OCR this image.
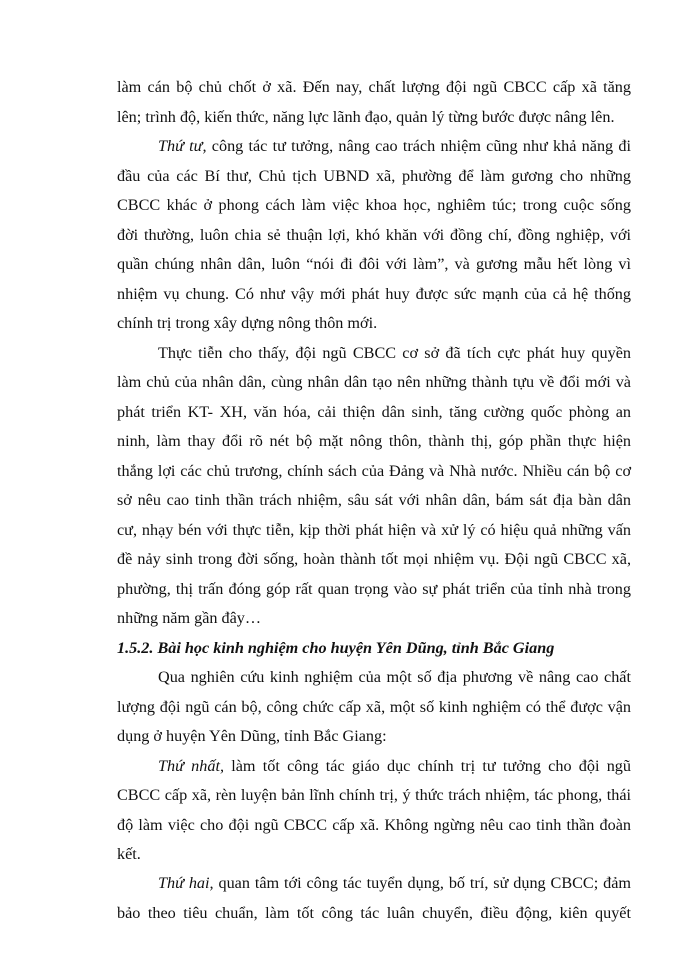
làm cán bộ chủ chốt ở xã. Đến nay, chất lượng đội ngũ CBCC cấp xã tăng
lên; trình độ, kiến thức, năng lực lãnh đạo, quản lý từng bước được nâng lên.
Thứ tư, công tác tư tưởng, nâng cao trách nhiệm cũng như khả năng đi
đầu của các Bí thư, Chủ tịch UBND xã, phường để làm gương cho những
CBCC khác ở phong cách làm việc khoa học, nghiêm túc; trong cuộc sống
đời thường, luôn chia sẻ thuận lợi, khó khăn với đồng chí, đồng nghiệp, với
quần chúng nhân dân, luôn “nói đi đôi với làm”, và gương mẫu hết lòng vì
nhiệm vụ chung. Có như vậy mới phát huy được sức mạnh của cả hệ thống
chính trị trong xây dựng nông thôn mới.
Thực tiễn cho thấy, đội ngũ CBCC cơ sở đã tích cực phát huy quyền
làm chủ của nhân dân, cùng nhân dân tạo nên những thành tựu về đổi mới và
phát triển KT- XH, văn hóa, cải thiện dân sinh, tăng cường quốc phòng an
ninh, làm thay đổi rõ nét bộ mặt nông thôn, thành thị, góp phần thực hiện
thắng lợi các chủ trương, chính sách của Đảng và Nhà nước. Nhiều cán bộ cơ
sở nêu cao tinh thần trách nhiệm, sâu sát với nhân dân, bám sát địa bàn dân
cư, nhạy bén với thực tiễn, kịp thời phát hiện và xử lý có hiệu quả những vấn
đề nảy sinh trong đời sống, hoàn thành tốt mọi nhiệm vụ. Đội ngũ CBCC xã,
phường, thị trấn đóng góp rất quan trọng vào sự phát triển của tỉnh nhà trong
những năm gần đây…
1.5.2. Bài học kinh nghiệm cho huyện Yên Dũng, tỉnh Bắc Giang
Qua nghiên cứu kinh nghiệm của một số địa phương về nâng cao chất
lượng đội ngũ cán bộ, công chức cấp xã, một số kinh nghiệm có thể được vận
dụng ở huyện Yên Dũng, tỉnh Bắc Giang:
Thứ nhất, làm tốt công tác giáo dục chính trị tư tưởng cho đội ngũ
CBCC cấp xã, rèn luyện bản lĩnh chính trị, ý thức trách nhiệm, tác phong, thái
độ làm việc cho đội ngũ CBCC cấp xã. Không ngừng nêu cao tinh thần đoàn
kết.
Thứ hai, quan tâm tới công tác tuyển dụng, bố trí, sử dụng CBCC; đảm
bảo theo tiêu chuẩn, làm tốt công tác luân chuyển, điều động, kiên quyết
